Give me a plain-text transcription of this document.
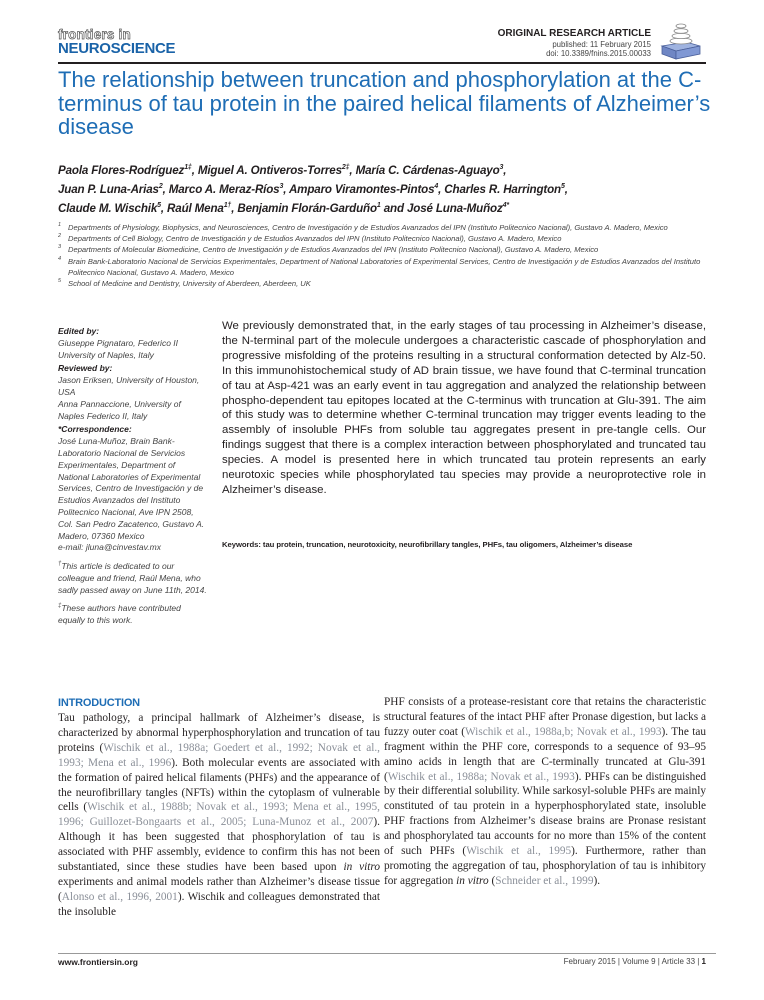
frontiers in
NEUROSCIENCE
ORIGINAL RESEARCH ARTICLE
published: 11 February 2015
doi: 10.3389/fnins.2015.00033
The relationship between truncation and phosphorylation at the C-terminus of tau protein in the paired helical filaments of Alzheimer’s disease
Paola Flores-Rodríguez$^{1\ddagger}$, Miguel A. Ontiveros-Torres$^{2\ddagger}$, María C. Cárdenas-Aguayo$^3$,
Juan P. Luna-Arias$^2$, Marco A. Meraz-Ríos$^3$, Amparo Viramontes-Pintos$^4$, Charles R. Harrington$^5$,
Claude M. Wischik$^5$, Raúl Mena$^{1\dagger}$, Benjamin Florán-Garduño$^1$ and José Luna-Muñoz$^{4*}$
1 Departments of Physiology, Biophysics, and Neurosciences, Centro de Investigación y de Estudios Avanzados del IPN (Instituto Politecnico Nacional), Gustavo A. Madero, Mexico
2 Departments of Cell Biology, Centro de Investigación y de Estudios Avanzados del IPN (Instituto Politecnico Nacional), Gustavo A. Madero, Mexico
3 Departments of Molecular Biomedicine, Centro de Investigación y de Estudios Avanzados del IPN (Instituto Politecnico Nacional), Gustavo A. Madero, Mexico
4 Brain Bank-Laboratorio Nacional de Servicios Experimentales, Department of National Laboratories of Experimental Services, Centro de Investigación y de Estudios Avanzados del Instituto Politecnico Nacional, Gustavo A. Madero, Mexico
5 School of Medicine and Dentistry, University of Aberdeen, Aberdeen, UK
Edited by:
Giuseppe Pignataro, Federico II University of Naples, Italy
Reviewed by:
Jason Eriksen, University of Houston, USA
Anna Pannaccione, University of Naples Federico II, Italy
*Correspondence:
José Luna-Muñoz, Brain Bank-Laboratorio Nacional de Servicios Experimentales, Department of National Laboratories of Experimental Services, Centro de Investigación y de Estudios Avanzados del Instituto Politecnico Nacional, Ave IPN 2508, Col. San Pedro Zacatenco, Gustavo A. Madero, 07360 Mexico
e-mail: jluna@cinvestav.mx
†This article is dedicated to our colleague and friend, Raúl Mena, who sadly passed away on June 11th, 2014.
‡These authors have contributed equally to this work.

We previously demonstrated that, in the early stages of tau processing in Alzheimer’s disease, the N-terminal part of the molecule undergoes a characteristic cascade of phosphorylation and progressive misfolding of the proteins resulting in a structural conformation detected by Alz-50. In this immunohistochemical study of AD brain tissue, we have found that C-terminal truncation of tau at Asp-421 was an early event in tau aggregation and analyzed the relationship between phospho-dependent tau epitopes located at the C-terminus with truncation at Glu-391. The aim of this study was to determine whether C-terminal truncation may trigger events leading to the assembly of insoluble PHFs from soluble tau aggregates present in pre-tangle cells. Our findings suggest that there is a complex interaction between phosphorylated and truncated tau species. A model is presented here in which truncated tau protein represents an early neurotoxic species while phosphorylated tau species may provide a neuroprotective role in Alzheimer’s disease.

Keywords: tau protein, truncation, neurotoxicity, neurofibrillary tangles, PHFs, tau oligomers, Alzheimer’s disease

INTRODUCTION

Tau pathology, a principal hallmark of Alzheimer’s disease, is characterized by abnormal hyperphosphorylation and truncation of tau proteins (Wischik et al., 1988a; Goedert et al., 1992; Novak et al., 1993; Mena et al., 1996). Both molecular events are associated with the formation of paired helical filaments (PHFs) and the appearance of the neurofibrillary tangles (NFTs) within the cytoplasm of vulnerable cells (Wischik et al., 1988b; Novak et al., 1993; Mena et al., 1995, 1996; Guillozet-Bongaarts et al., 2005; Luna-Munoz et al., 2007). Although it has been suggested that phosphorylation of tau is associated with PHF assembly, evidence to confirm this has not been substantiated, since these studies have been based upon in vitro experiments and animal models rather than Alzheimer’s disease tissue (Alonso et al., 1996, 2001). Wischik and colleagues demonstrated that the insoluble

PHF consists of a protease-resistant core that retains the characteristic structural features of the intact PHF after Pronase digestion, but lacks a fuzzy outer coat (Wischik et al., 1988a,b; Novak et al., 1993). The tau fragment within the PHF core, corresponds to a sequence of 93–95 amino acids in length that are C-terminally truncated at Glu-391 (Wischik et al., 1988a; Novak et al., 1993). PHFs can be distinguished by their differential solubility. While sarkosyl-soluble PHFs are mainly constituted of tau protein in a hyperphosphorylated state, insoluble PHF fractions from Alzheimer’s disease brains are Pronase resistant and phosphorylated tau accounts for no more than 15% of the content of such PHFs (Wischik et al., 1995). Furthermore, rather than promoting the aggregation of tau, phosphorylation of tau is inhibitory for aggregation in vitro (Schneider et al., 1999).

www.frontiersin.org	February 2015 | Volume 9 | Article 33 | 1
